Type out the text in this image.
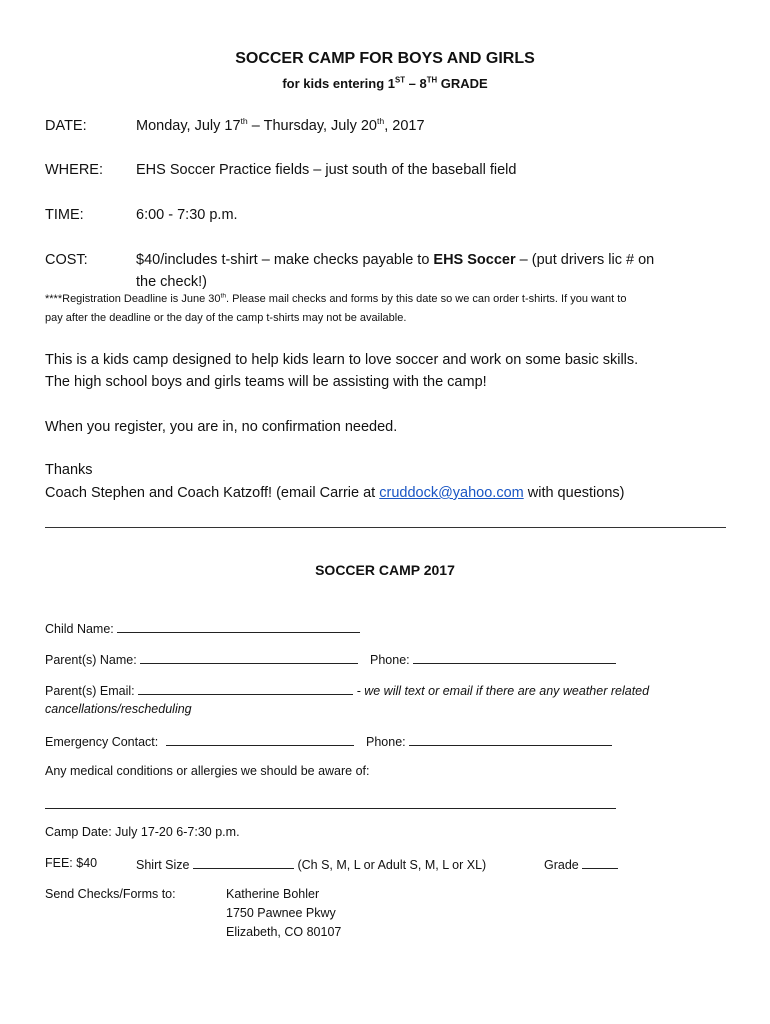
SOCCER CAMP FOR BOYS AND GIRLS
for kids entering 1ST – 8TH GRADE
DATE:	Monday, July 17th – Thursday, July 20th, 2017
WHERE: EHS Soccer Practice fields – just south of the baseball field
TIME:	6:00 - 7:30 p.m.
COST:	$40/includes t-shirt – make checks payable to EHS Soccer – (put drivers lic # on
the check!)
****Registration Deadline is June 30th. Please mail checks and forms by this date so we can order t-shirts. If you want to
pay after the deadline or the day of the camp t-shirts may not be available.
This is a kids camp designed to help kids learn to love soccer and work on some basic skills.
The high school boys and girls teams will be assisting with the camp!
When you register, you are in, no confirmation needed.
Thanks
Coach Stephen and Coach Katzoff! (email Carrie at cruddock@yahoo.com with questions)
SOCCER CAMP 2017
Child Name:
Parent(s) Name:	Phone:
Parent(s) Email:	- we will text or email if there are any weather related
cancellations/rescheduling
Emergency Contact:	Phone:
Any medical conditions or allergies we should be aware of:
Camp Date: July 17-20 6-7:30 p.m.
FEE: $40	Shirt Size	(Ch S, M, L or Adult S, M, L or XL)	Grade
Send Checks/Forms to:	Katherine Bohler
1750 Pawnee Pkwy
Elizabeth, CO 80107
